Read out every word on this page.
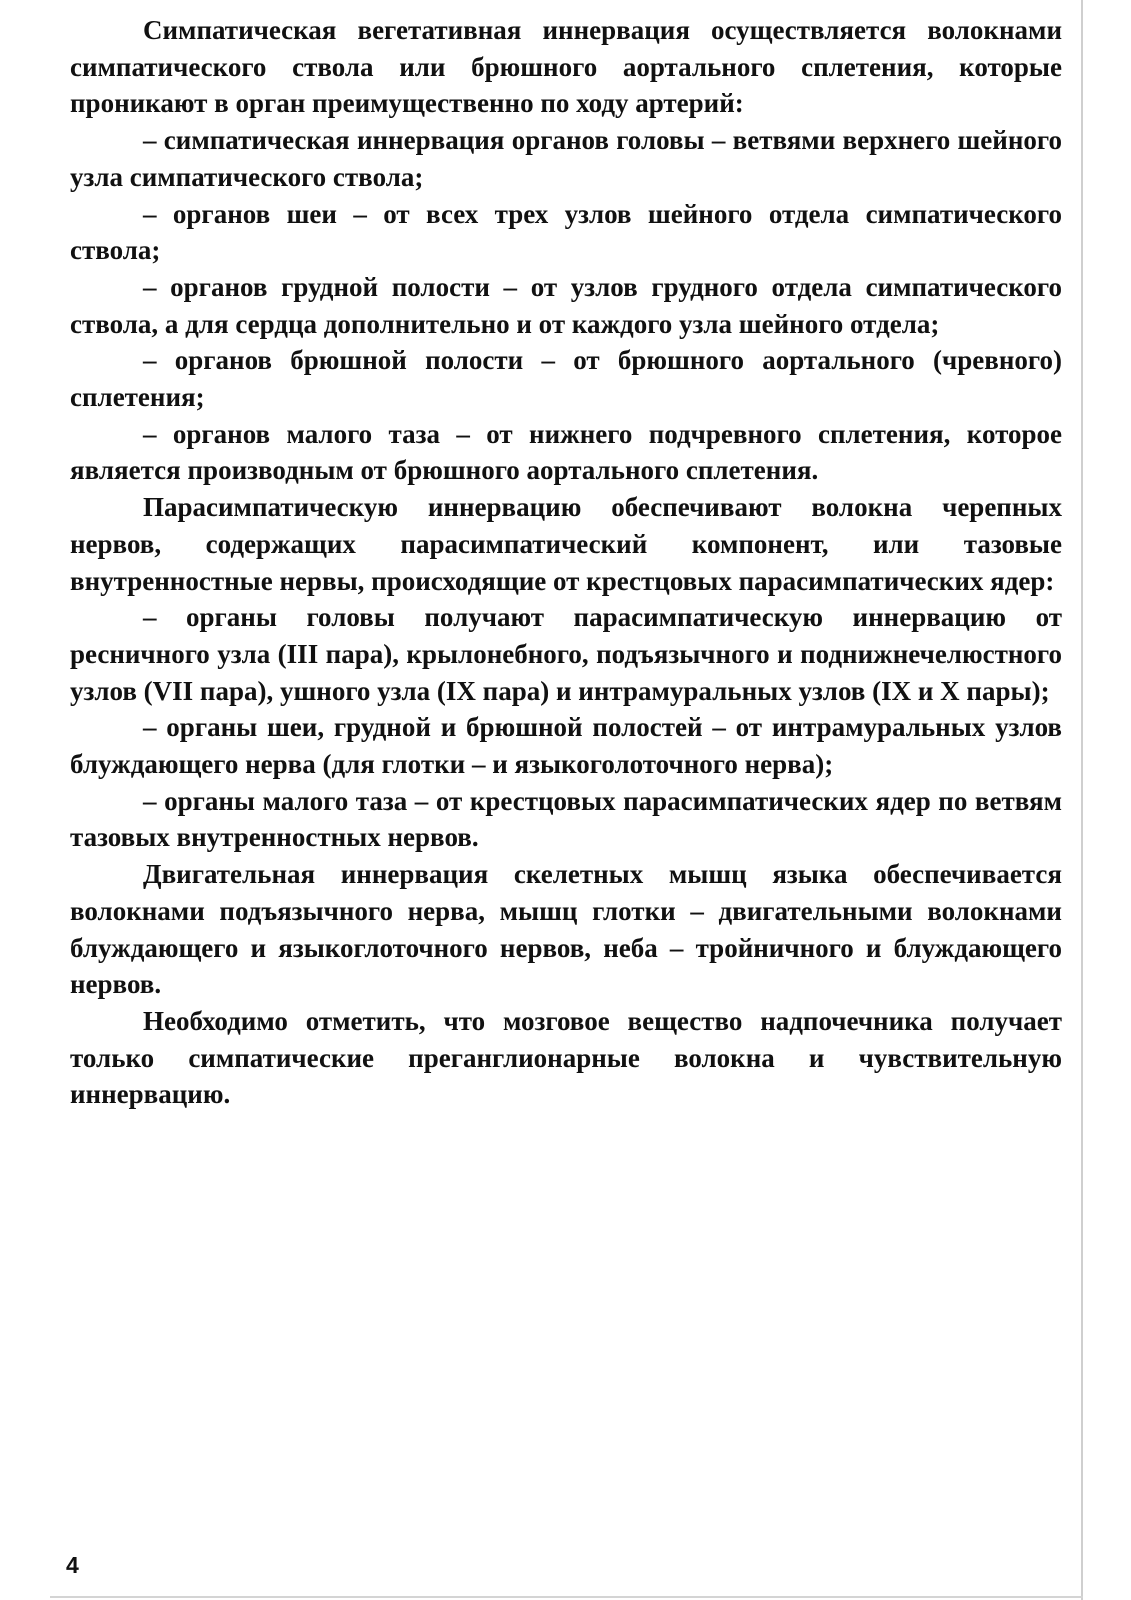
Симпатическая вегетативная иннервация осуществляется волокнами симпатического ствола или брюшного аортального сплетения, которые проникают в орган преимущественно по ходу артерий:

– симпатическая иннервация органов головы – ветвями верхнего шейного узла симпатического ствола;

– органов шеи – от всех трех узлов шейного отдела симпатического ствола;

– органов грудной полости – от узлов грудного отдела симпатического ствола, а для сердца дополнительно и от каждого узла шейного отдела;

– органов брюшной полости – от брюшного аортального (чревного) сплетения;

– органов малого таза – от нижнего подчревного сплетения, которое является производным от брюшного аортального сплетения.

Парасимпатическую иннервацию обеспечивают волокна черепных нервов, содержащих парасимпатический компонент, или тазовые внутренностные нервы, происходящие от крестцовых парасимпатических ядер:

– органы головы получают парасимпатическую иннервацию от ресничного узла (III пара), крылонебного, подъязычного и поднижнечелюстного узлов (VII пара), ушного узла (IX пара) и интрамуральных узлов (IX и X пары);

– органы шеи, грудной и брюшной полостей – от интрамуральных узлов блуждающего нерва (для глотки – и языкоголоточного нерва);

– органы малого таза – от крестцовых парасимпатических ядер по ветвям тазовых внутренностных нервов.

Двигательная иннервация скелетных мышц языка обеспечивается волокнами подъязычного нерва, мышц глотки – двигательными волокнами блуждающего и языкоглоточного нервов, неба – тройничного и блуждающего нервов.

Необходимо отметить, что мозговое вещество надпочечника получает только симпатические преганглионарные волокна и чувствительную иннервацию.

4
